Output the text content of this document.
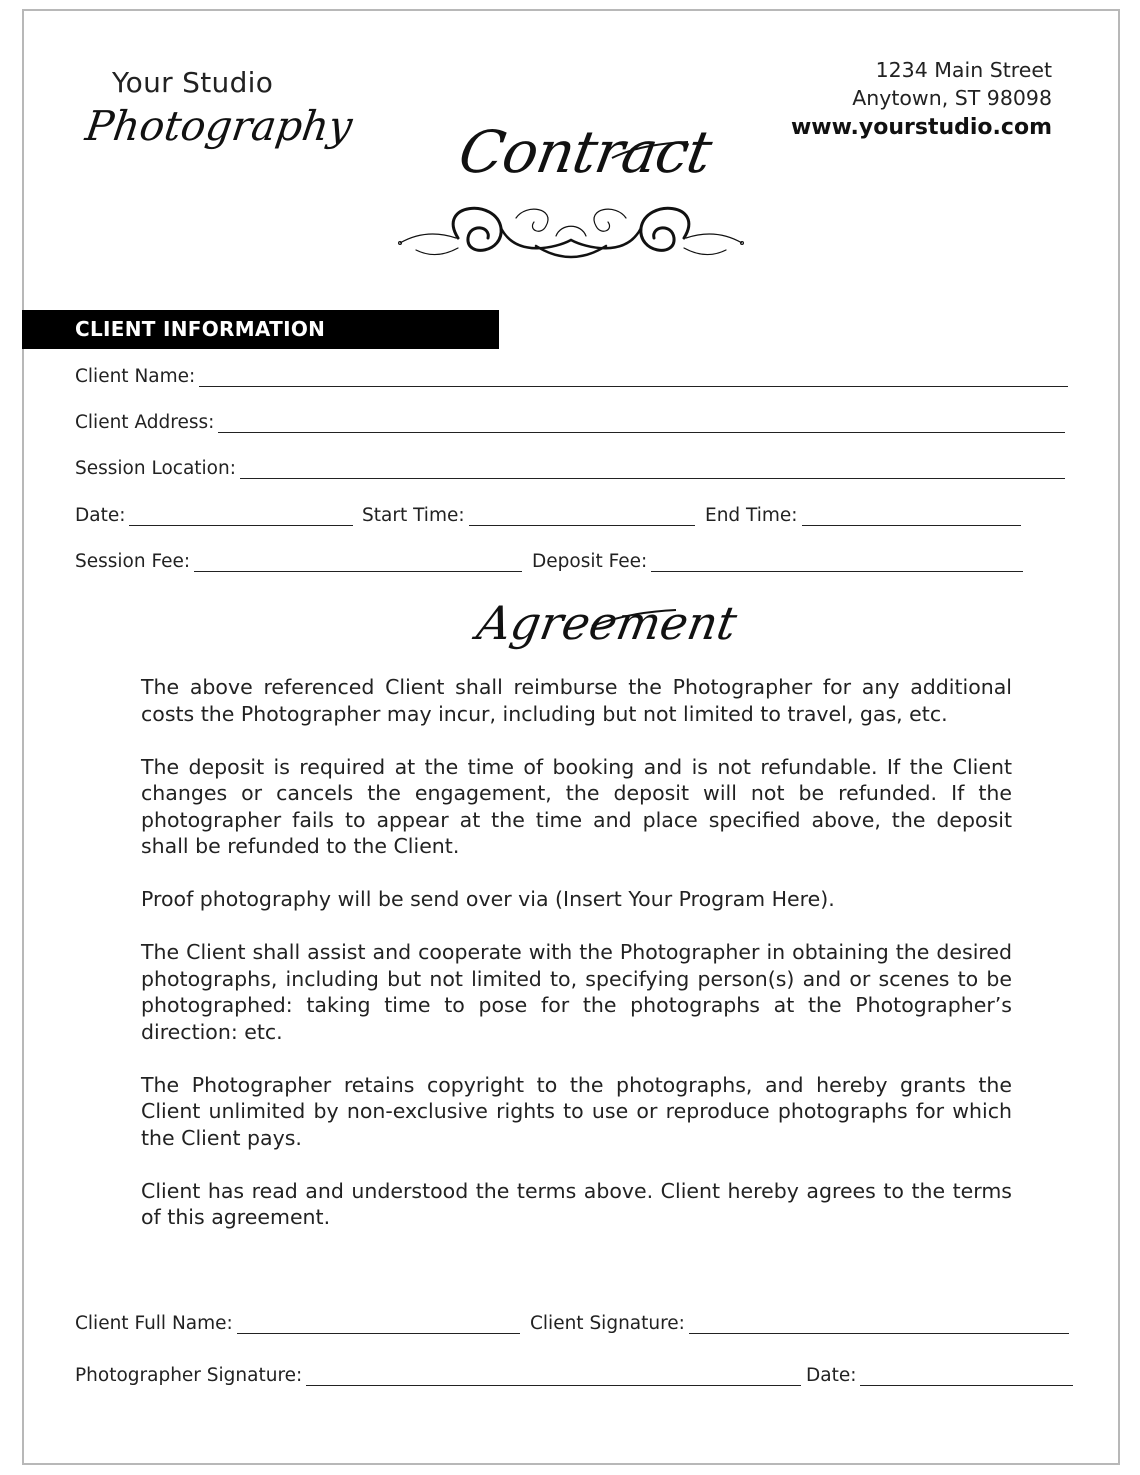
Your Studio
Photography
1234 Main Street
Anytown, ST 98098
www.yourstudio.com
Contract
CLIENT INFORMATION
Client Name:
Client Address:
Session Location:
Date:	Start Time:	End Time:
Session Fee:	Deposit Fee:
Agreement

The above referenced Client shall reimburse the Photographer for any additional costs the Photographer may incur, including but not limited to travel, gas, etc.

The deposit is required at the time of booking and is not refundable. If the Client changes or cancels the engagement, the deposit will not be refunded. If the photographer fails to appear at the time and place specified above, the deposit shall be refunded to the Client.

Proof photography will be send over via (Insert Your Program Here).

The Client shall assist and cooperate with the Photographer in obtaining the desired photographs, including but not limited to, specifying person(s) and or scenes to be photographed: taking time to pose for the photographs at the Photographer’s direction: etc.

The Photographer retains copyright to the photographs, and hereby grants the Client unlimited by non-exclusive rights to use or reproduce photographs for which the Client pays.

Client has read and understood the terms above. Client hereby agrees to the terms of this agreement.

Client Full Name:	Client Signature:
Photographer Signature:	Date:
